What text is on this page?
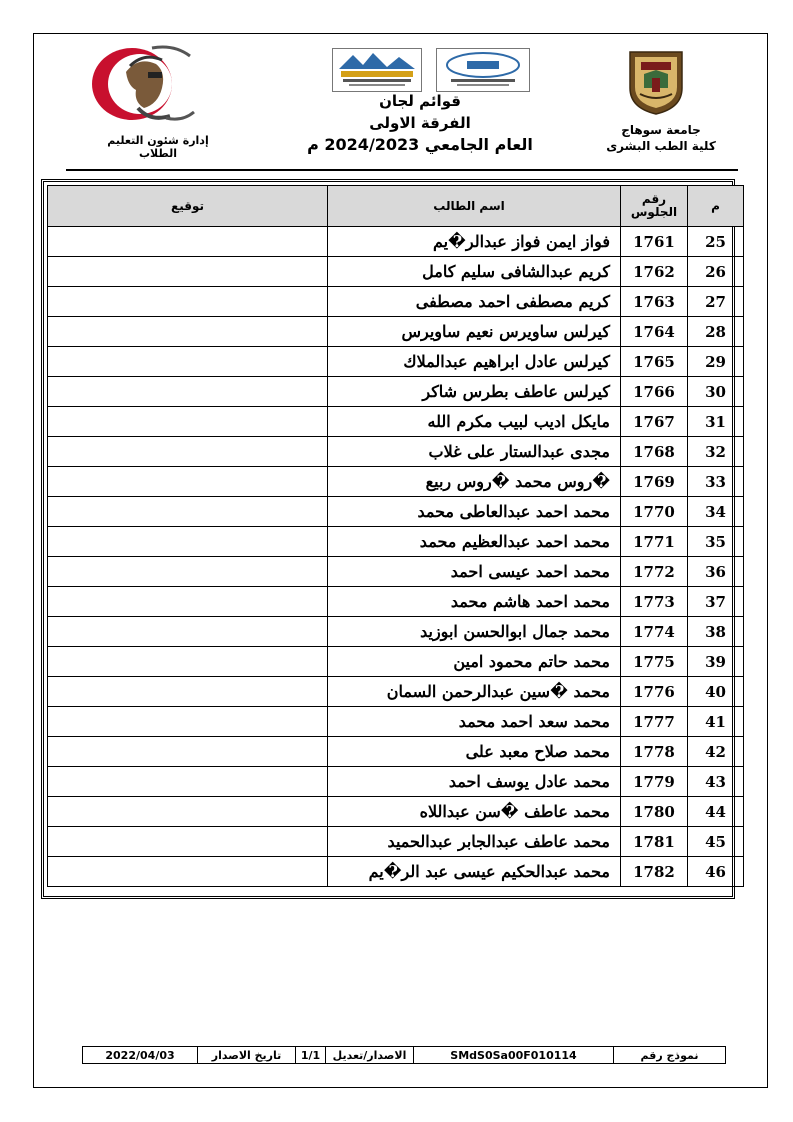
جامعة سوهاج
كلية الطب البشرى
إدارة شئون التعليم الطلاب
قوائم لجان
الفرقة الاولى
العام الجامعي 2024/2023 م
م	رقم الجلوس	اسم الطالب	توقيع
25	1761	فواز ايمن فواز عبدالر�يم	
26	1762	كريم عبدالشافى سليم كامل	
27	1763	كريم مصطفى احمد مصطفى	
28	1764	كيرلس ساويرس نعيم ساويرس	
29	1765	كيرلس عادل ابراهيم عبدالملاك	
30	1766	كيرلس عاطف بطرس شاكر	
31	1767	مايكل اديب لبيب مكرم الله	
32	1768	مجدى عبدالستار على غلاب	
33	1769	�روس محمد �روس ربيع	
34	1770	محمد احمد عبدالعاطى محمد	
35	1771	محمد احمد عبدالعظيم محمد	
36	1772	محمد احمد عيسى احمد	
37	1773	محمد احمد هاشم محمد	
38	1774	محمد جمال ابوالحسن ابوزيد	
39	1775	محمد حاتم محمود امين	
40	1776	محمد �سين عبدالرحمن السمان	
41	1777	محمد سعد احمد محمد	
42	1778	محمد صلاح معبد على	
43	1779	محمد عادل يوسف احمد	
44	1780	محمد عاطف �سن عبداللاه	
45	1781	محمد عاطف عبدالجابر عبدالحميد	
46	1782	محمد عبدالحكيم عيسى عبد الر�يم	
نموذج رقم
SMdS0Sa00F010114
الاصدار/تعديل
1/1
تاريخ الاصدار
2022/04/03
